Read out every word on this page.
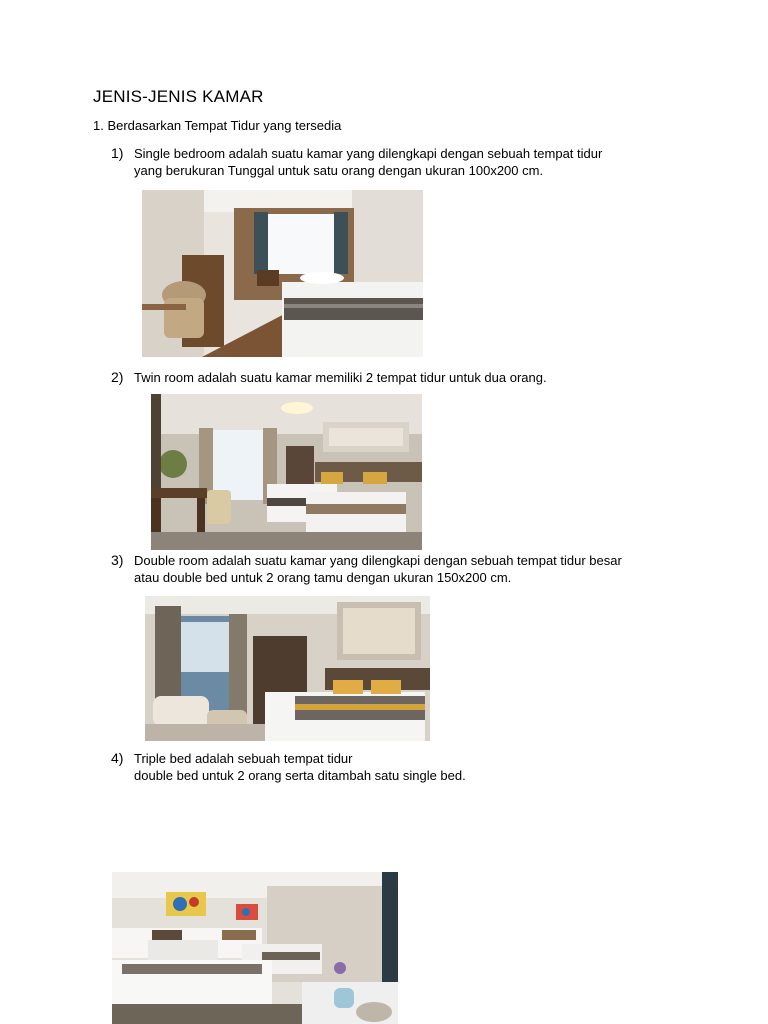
JENIS-JENIS KAMAR
1. Berdasarkan Tempat Tidur yang tersedia
1) Single bedroom adalah suatu kamar yang dilengkapi dengan sebuah tempat tidur
yang berukuran Tunggal untuk satu orang dengan ukuran 100x200 cm.
2) Twin room adalah suatu kamar memiliki 2 tempat tidur untuk dua orang.
3) Double room adalah suatu kamar yang dilengkapi dengan sebuah tempat tidur besar
atau double bed untuk 2 orang tamu dengan ukuran 150x200 cm.
4) Triple bed adalah sebuah tempat tidur
double bed untuk 2 orang serta ditambah satu single bed.
